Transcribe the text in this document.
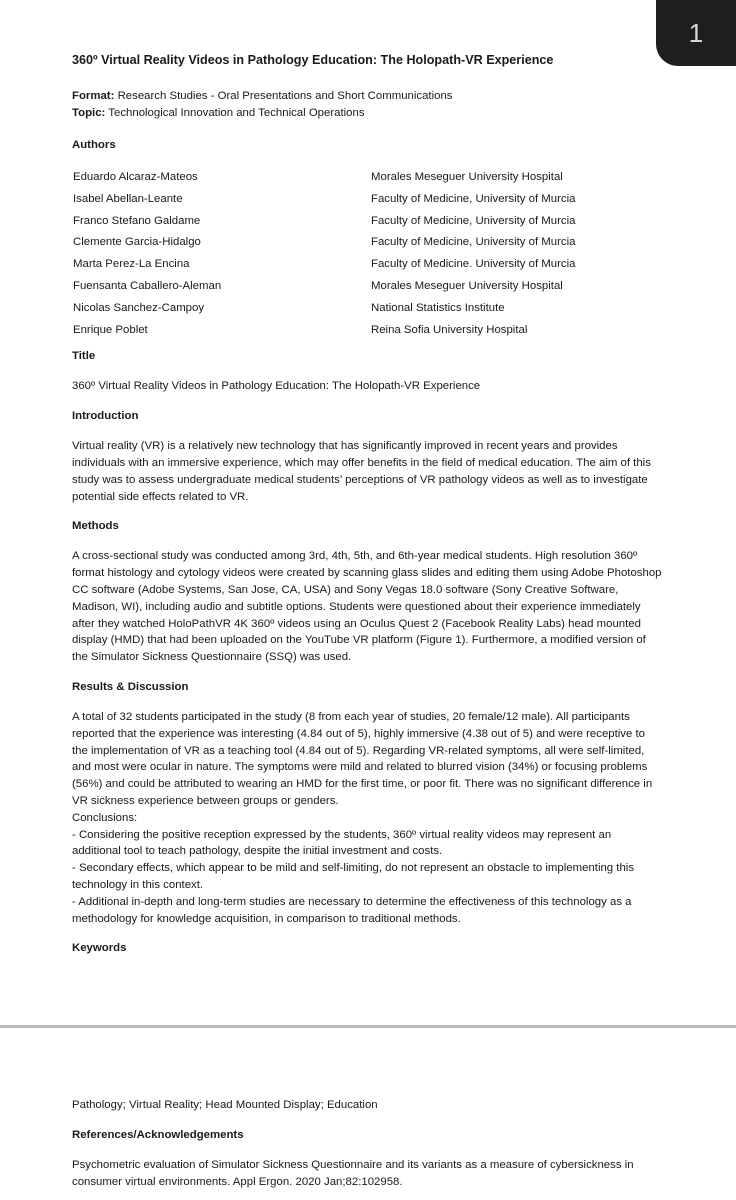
1
360º Virtual Reality Videos in Pathology Education: The Holopath-VR Experience
Format: Research Studies - Oral Presentations and Short Communications
Topic: Technological Innovation and Technical Operations
Authors
Eduardo Alcaraz-Mateos	Morales Meseguer University Hospital
Isabel Abellan-Leante	Faculty of Medicine, University of Murcia
Franco Stefano Galdame	Faculty of Medicine, University of Murcia
Clemente Garcia-Hidalgo	Faculty of Medicine, University of Murcia
Marta Perez-La Encina	Faculty of Medicine. University of Murcia
Fuensanta Caballero-Aleman	Morales Meseguer University Hospital
Nicolas Sanchez-Campoy	National Statistics Institute
Enrique Poblet	Reina Sofia University Hospital
Title

360º Virtual Reality Videos in Pathology Education: The Holopath-VR Experience

Introduction

Virtual reality (VR) is a relatively new technology that has significantly improved in recent years and provides individuals with an immersive experience, which may offer benefits in the field of medical education. The aim of this study was to assess undergraduate medical students’ perceptions of VR pathology videos as well as to investigate potential side effects related to VR.

Methods

A cross-sectional study was conducted among 3rd, 4th, 5th, and 6th-year medical students. High resolution 360º format histology and cytology videos were created by scanning glass slides and editing them using Adobe Photoshop CC software (Adobe Systems, San Jose, CA, USA) and Sony Vegas 18.0 software (Sony Creative Software, Madison, WI), including audio and subtitle options. Students were questioned about their experience immediately after they watched HoloPathVR 4K 360º videos using an Oculus Quest 2 (Facebook Reality Labs) head mounted display (HMD) that had been uploaded on the YouTube VR platform (Figure 1). Furthermore, a modified version of the Simulator Sickness Questionnaire (SSQ) was used.

Results & Discussion

A total of 32 students participated in the study (8 from each year of studies, 20 female/12 male). All participants reported that the experience was interesting (4.84 out of 5), highly immersive (4.38 out of 5) and were receptive to the implementation of VR as a teaching tool (4.84 out of 5). Regarding VR-related symptoms, all were self-limited, and most were ocular in nature. The symptoms were mild and related to blurred vision (34%) or focusing problems (56%) and could be attributed to wearing an HMD for the first time, or poor fit. There was no significant difference in VR sickness experience between groups or genders.

Conclusions:
- Considering the positive reception expressed by the students, 360º virtual reality videos may represent an additional tool to teach pathology, despite the initial investment and costs.
- Secondary effects, which appear to be mild and self-limiting, do not represent an obstacle to implementing this technology in this context.
- Additional in-depth and long-term studies are necessary to determine the effectiveness of this technology as a methodology for knowledge acquisition, in comparison to traditional methods.
Keywords

Pathology; Virtual Reality; Head Mounted Display; Education

References/Acknowledgements

Psychometric evaluation of Simulator Sickness Questionnaire and its variants as a measure of cybersickness in consumer virtual environments. Appl Ergon. 2020 Jan;82:102958.
